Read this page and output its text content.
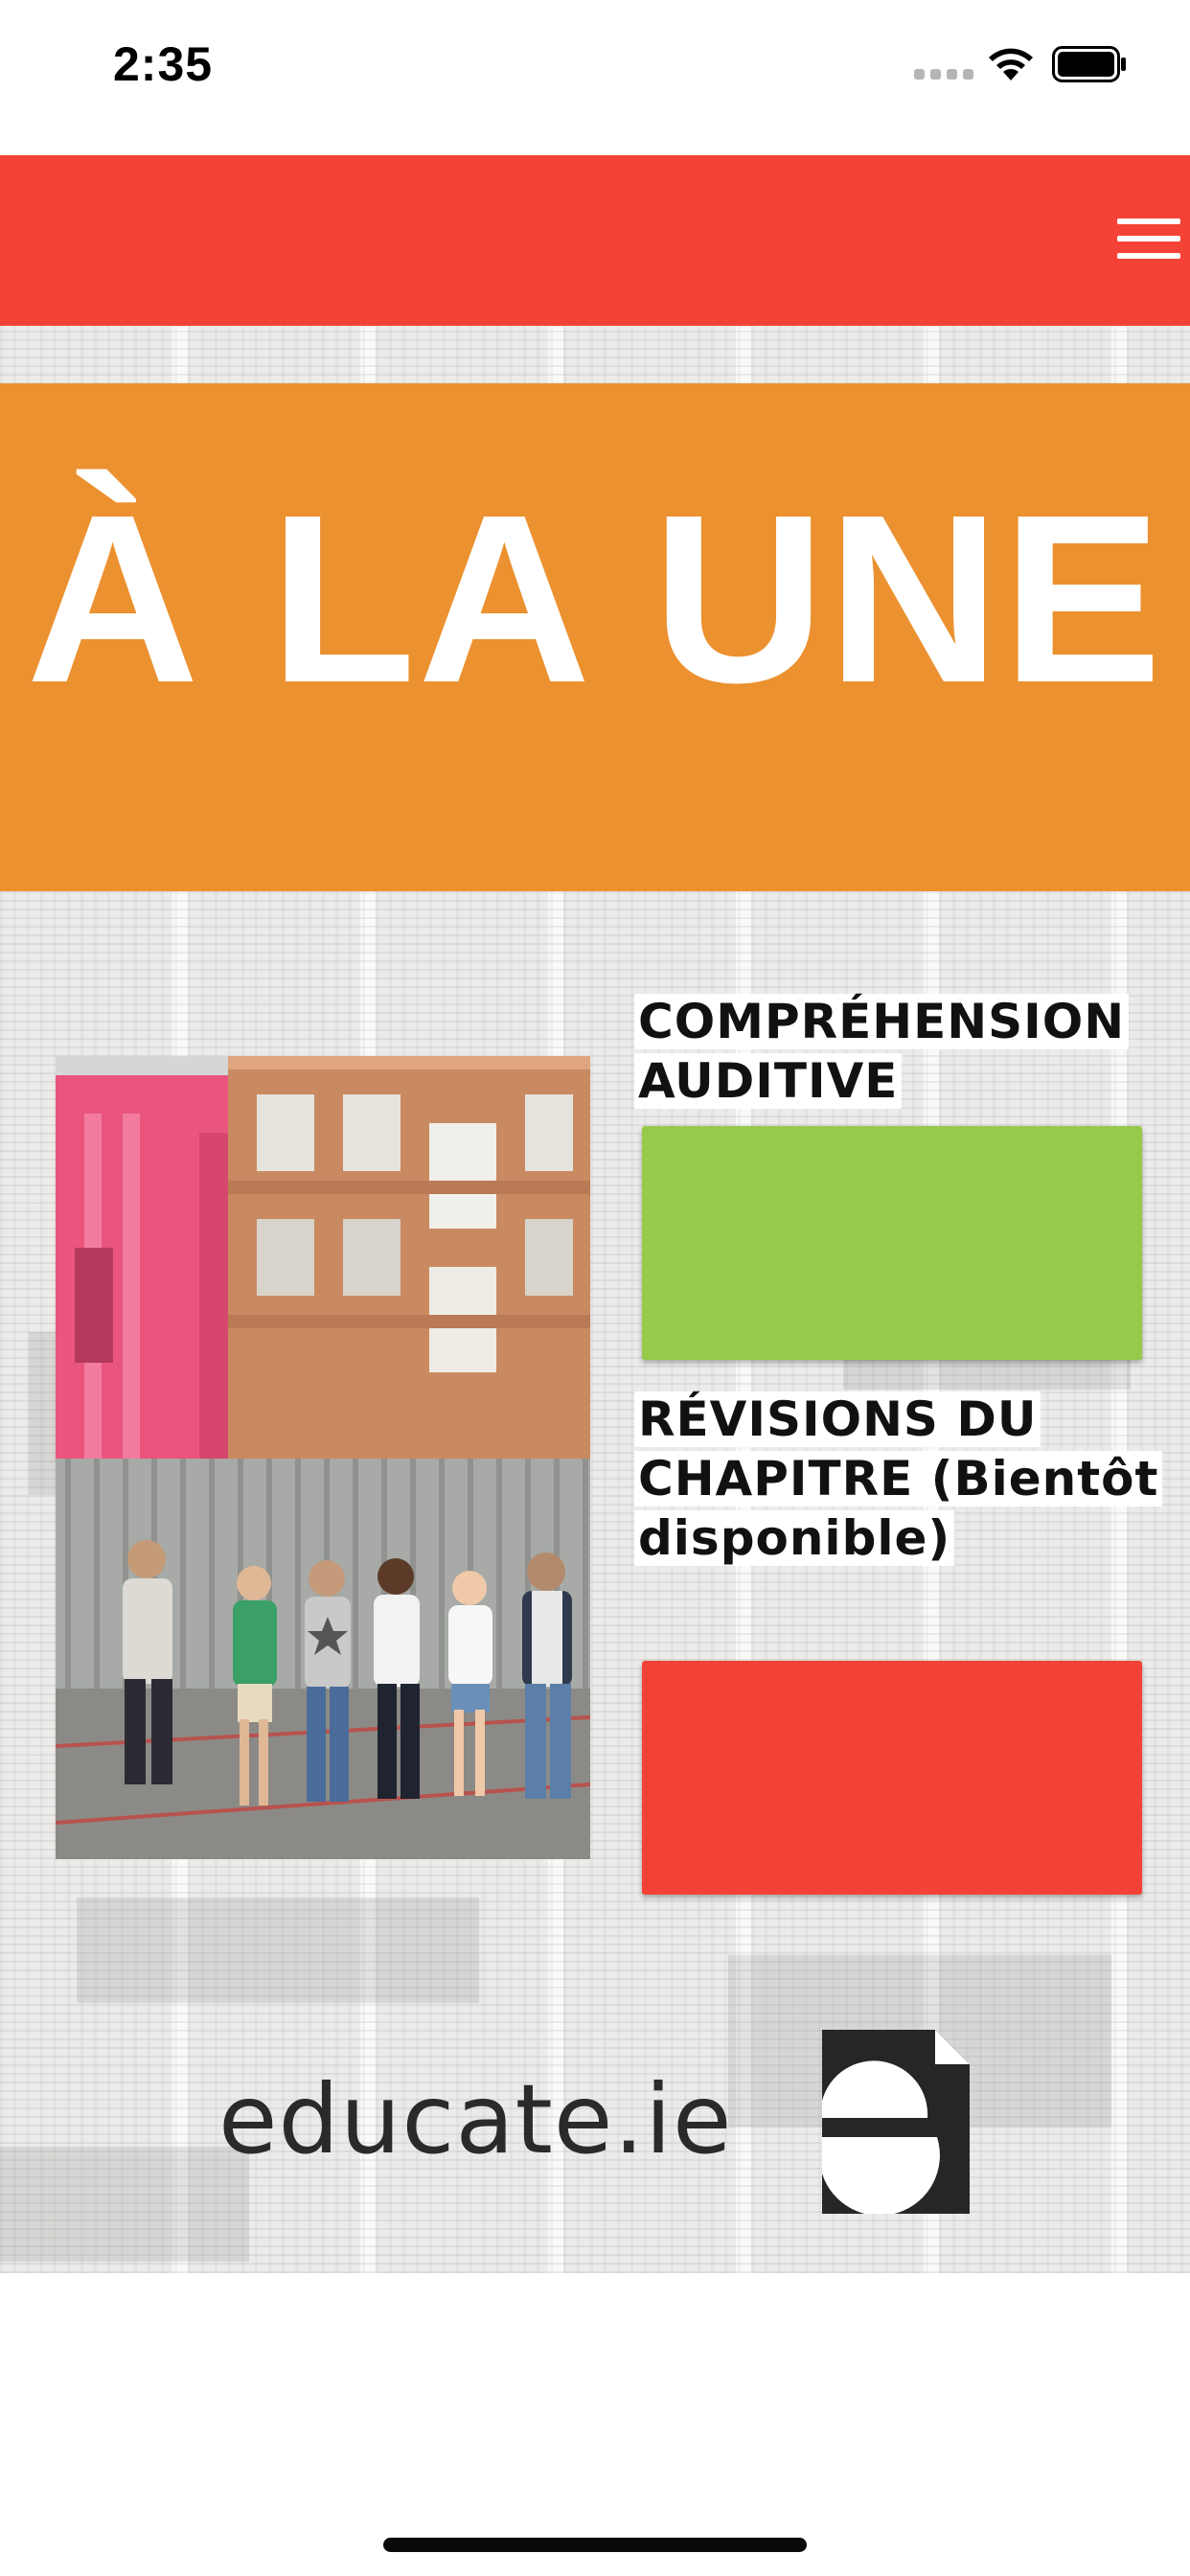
2:35
À LA UNE
COMPRÉHENSION AUDITIVE
RÉVISIONS DU CHAPITRE (Bientôt disponible)
educate.ie
